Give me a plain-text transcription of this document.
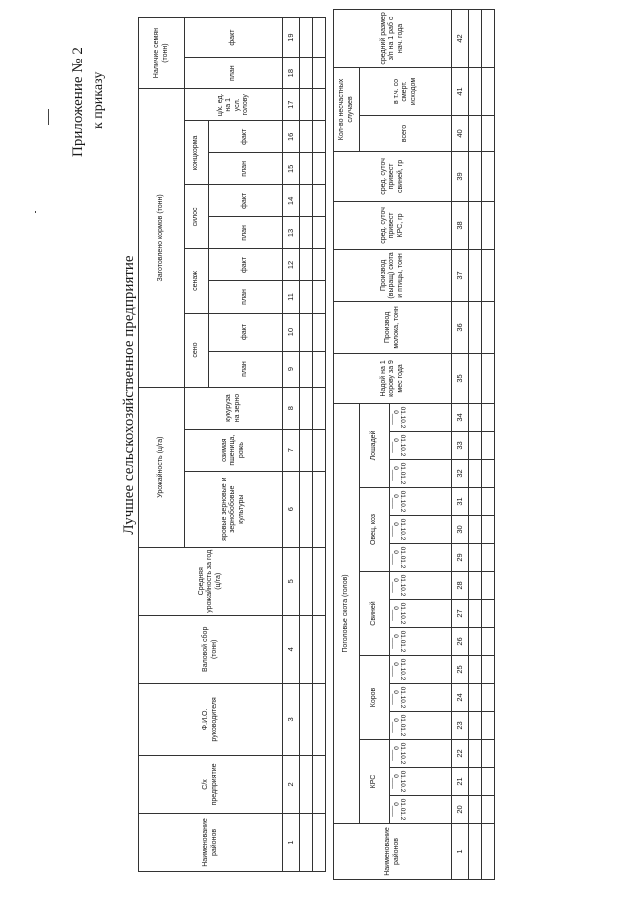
Приложение № 2 к приказу
Лучшее сельскохозяйственное предприятие
Наименование районов	С/х предприятие	Ф.И.О. руководителя	Валовой сбор (тонн)	Средняя урожайность за год (ц/га)	Урожайность (ц/га)			Заготовлено кормов (тонн)									Наличие семян (тонн)	
					яровые зерновые и зернобобовые культуры	озимая пшеница, рожь	кукуруза на зерно	сено		сенаж		силос		концкорма		ц/к. ед. на 1 усл. голову	план	факт
								план	факт	план	факт	план	факт	план	факт			
1	2	3	4	5	6	7	8	9	10	11	12	13	14	15	16	17	18	19

Наименование районов	Поголовье скота (голов)															Надой на 1 корову за 9 мес года	Производ молока, тонн	Производ (выращ) скота и птицы, тонн	сред. суточ привест КРС, гр	сред. суточ привест свиней, гр	Кол-во несчастных случаев		средний размер з/п на 1 раб с нач. года
	КРС			Коров			Свиней			Овец, коз			Лошадей								всего	в т.ч. со смерт. исходом	
	01.01.20___	01.10.20___	01.10.20___	01.01.20___	01.10.20___	01.10.20___	01.01.20___	01.10.20___	01.10.20___	01.01.20___	01.10.20___	01.10.20___	01.01.20___	01.10.20___	01.10.20___								
1	20	21	22	23	24	25	26	27	28	29	30	31	32	33	34	35	36	37	38	39	40	41	42
